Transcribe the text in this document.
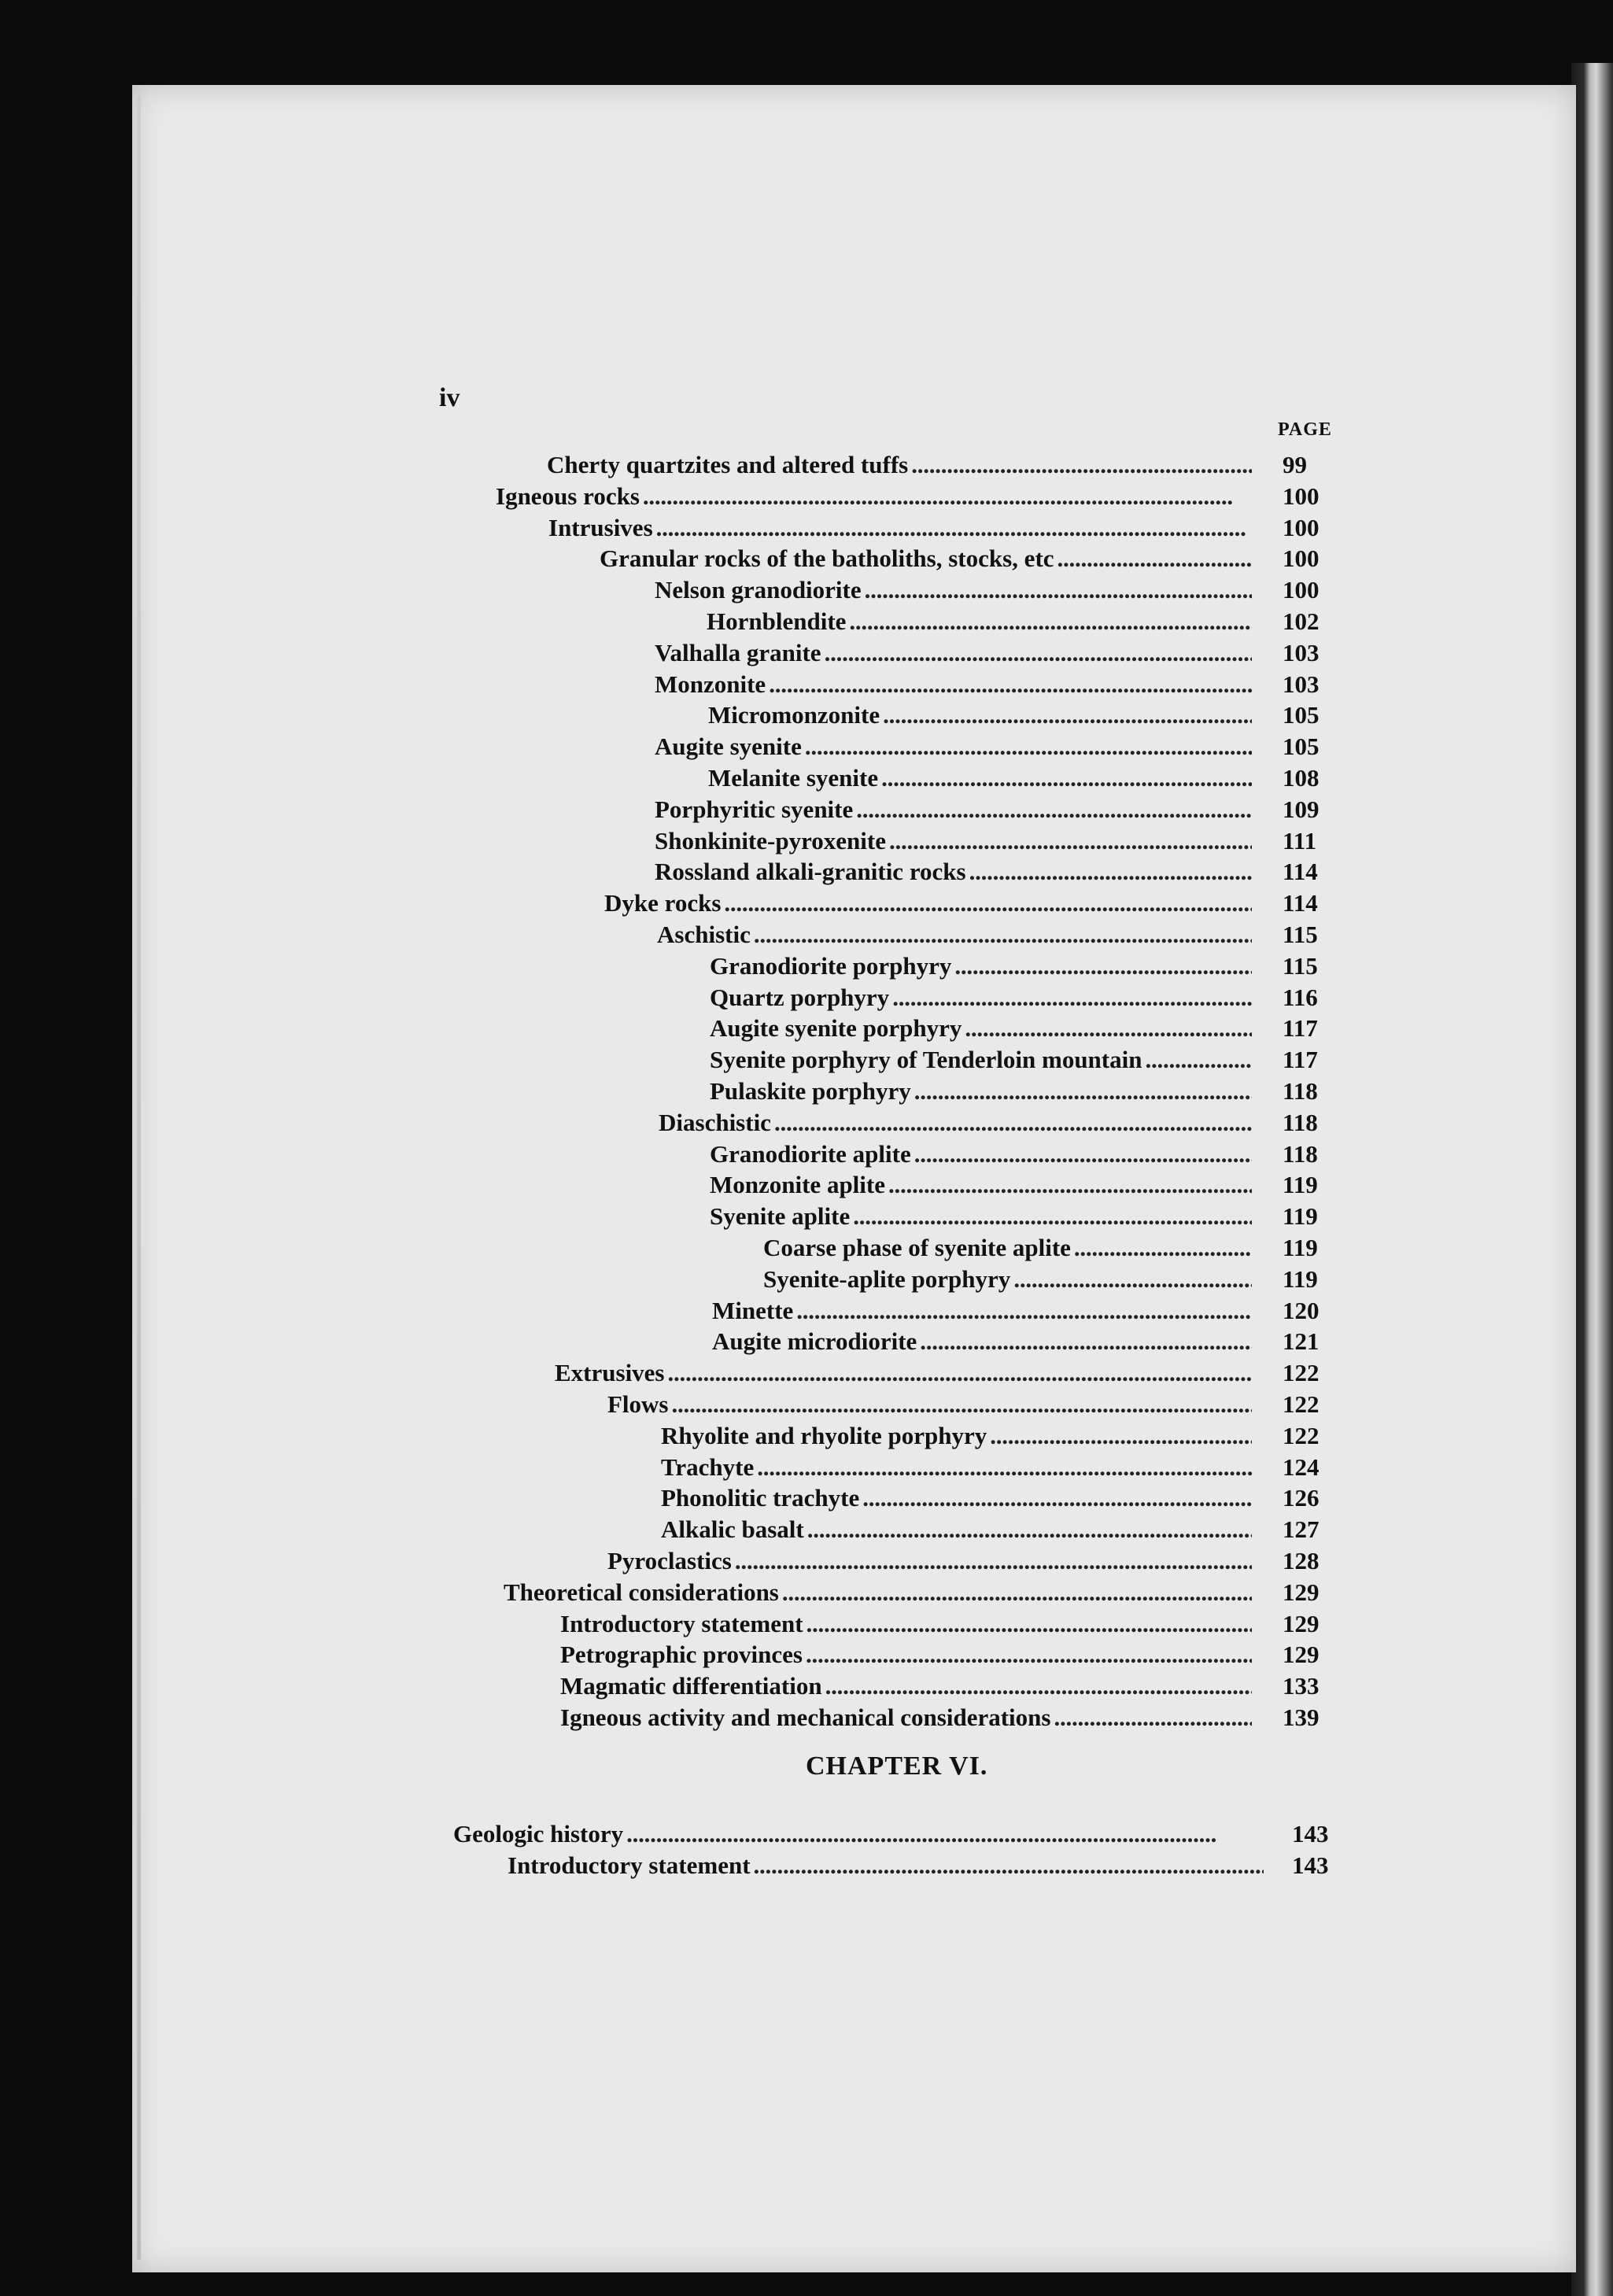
iv
PAGE
Cherty quartzites and altered tuffs . . .	99
Igneous rocks . . .	100
Intrusives . . .	100
Granular rocks of the batholiths, stocks, etc . . .	100
Nelson granodiorite . . .	100
Hornblendite . . .	102
Valhalla granite . . .	103
Monzonite . . .	103
Micromonzonite . . .	105
Augite syenite . . .	105
Melanite syenite . . .	108
Porphyritic syenite . . .	109
Shonkinite-pyroxenite . . .	111
Rossland alkali-granitic rocks . . .	114
Dyke rocks . . .	114
Aschistic . . .	115
Granodiorite porphyry . . .	115
Quartz porphyry . . .	116
Augite syenite porphyry . . .	117
Syenite porphyry of Tenderloin mountain . . .	117
Pulaskite porphyry . . .	118
Diaschistic . . .	118
Granodiorite aplite . . .	118
Monzonite aplite . . .	119
Syenite aplite . . .	119
Coarse phase of syenite aplite . . .	119
Syenite-aplite porphyry . . .	119
Minette . . .	120
Augite microdiorite . . .	121
Extrusives . . .	122
Flows . . .	122
Rhyolite and rhyolite porphyry . . .	122
Trachyte . . .	124
Phonolitic trachyte . . .	126
Alkalic basalt . . .	127
Pyroclastics . . .	128
Theoretical considerations . . .	129
Introductory statement . . .	129
Petrographic provinces . . .	129
Magmatic differentiation . . .	133
Igneous activity and mechanical considerations . . .	139
CHAPTER VI.
Geologic history . . .	143
Introductory statement . . .	143
